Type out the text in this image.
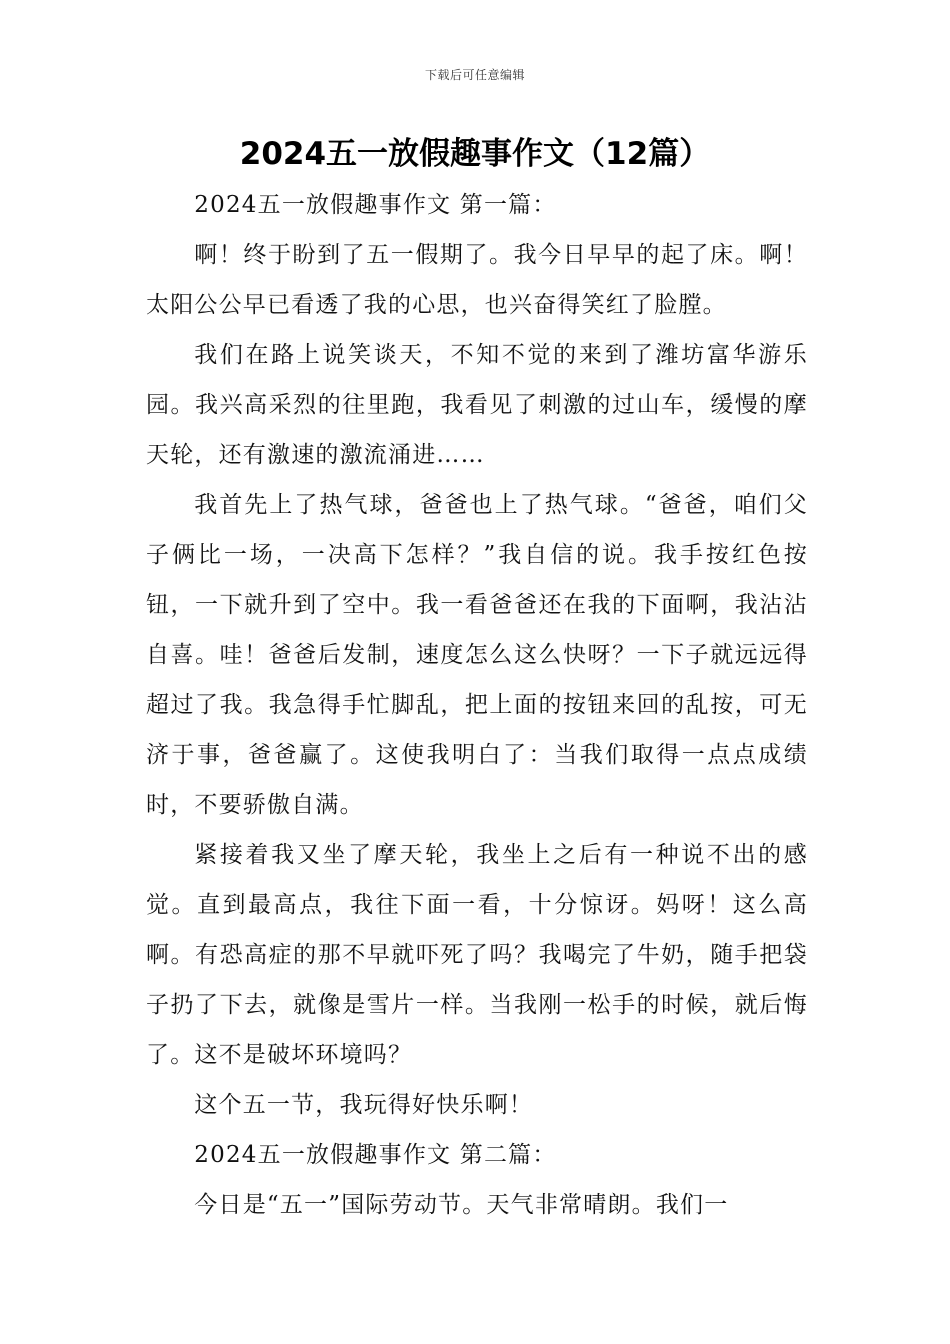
下载后可任意编辑
2024五一放假趣事作文（12篇）

2024五一放假趣事作文 第一篇：

啊！终于盼到了五一假期了。我今日早早的起了床。啊！太阳公公早已看透了我的心思，也兴奋得笑红了脸膛。

我们在路上说笑谈天，不知不觉的来到了潍坊富华游乐园。我兴高采烈的往里跑，我看见了刺激的过山车，缓慢的摩天轮，还有激速的激流涌进……

我首先上了热气球，爸爸也上了热气球。“爸爸，咱们父子俩比一场，一决高下怎样？”我自信的说。我手按红色按钮，一下就升到了空中。我一看爸爸还在我的下面啊，我沾沾自喜。哇！爸爸后发制，速度怎么这么快呀？一下子就远远得超过了我。我急得手忙脚乱，把上面的按钮来回的乱按，可无济于事，爸爸赢了。这使我明白了：当我们取得一点点成绩时，不要骄傲自满。

紧接着我又坐了摩天轮，我坐上之后有一种说不出的感觉。直到最高点，我往下面一看，十分惊讶。妈呀！这么高啊。有恐高症的那不早就吓死了吗？我喝完了牛奶，随手把袋子扔了下去，就像是雪片一样。当我刚一松手的时候，就后悔了。这不是破坏环境吗？

这个五一节，我玩得好快乐啊！

2024五一放假趣事作文 第二篇：

今日是“五一”国际劳动节。天气非常晴朗。我们一
